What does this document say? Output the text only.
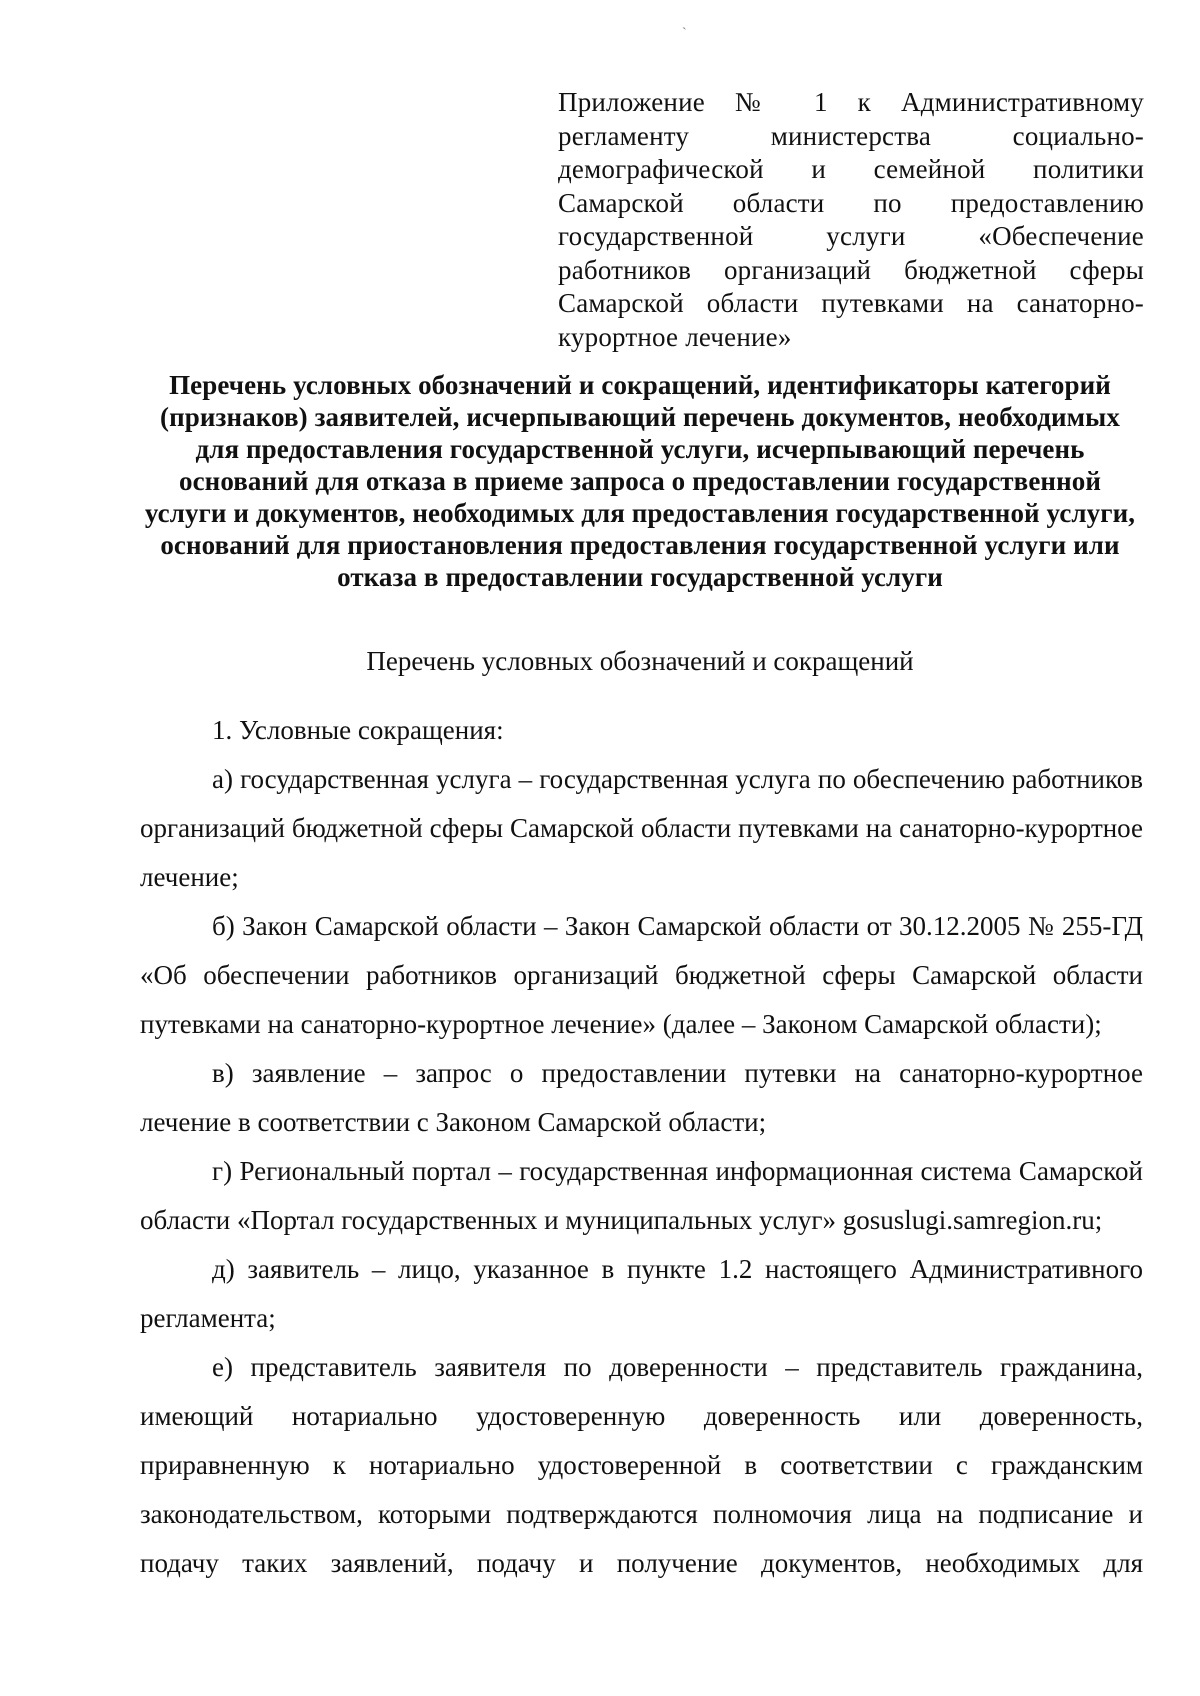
ˋ
Приложение № 1 к Административному регламенту министерства социально-демографической и семейной политики Самарской области по предоставлению государственной услуги «Обеспечение работников организаций бюджетной сферы Самарской области путевками на санаторно-курортное лечение»
Перечень условных обозначений и сокращений, идентификаторы категорий (признаков) заявителей, исчерпывающий перечень документов, необходимых для предоставления государственной услуги, исчерпывающий перечень оснований для отказа в приеме запроса о предоставлении государственной услуги и документов, необходимых для предоставления государственной услуги, оснований для приостановления предоставления государственной услуги или отказа в предоставлении государственной услуги
Перечень условных обозначений и сокращений

1. Условные сокращения:

а) государственная услуга – государственная услуга по обеспечению работников организаций бюджетной сферы Самарской области путевками на санаторно-курортное лечение;

б) Закон Самарской области – Закон Самарской области от 30.12.2005 № 255-ГД «Об обеспечении работников организаций бюджетной сферы Самарской области путевками на санаторно-курортное лечение» (далее – Законом Самарской области);

в) заявление – запрос о предоставлении путевки на санаторно-курортное лечение в соответствии с Законом Самарской области;

г) Региональный портал – государственная информационная система Самарской области «Портал государственных и муниципальных услуг» gosuslugi.samregion.ru;

д) заявитель – лицо, указанное в пункте 1.2 настоящего Административного регламента;

е) представитель заявителя по доверенности – представитель гражданина, имеющий нотариально удостоверенную доверенность или доверенность, приравненную к нотариально удостоверенной в соответствии с гражданским законодательством, которыми подтверждаются полномочия лица на подписание и подачу таких заявлений, подачу и получение документов, необходимых для
